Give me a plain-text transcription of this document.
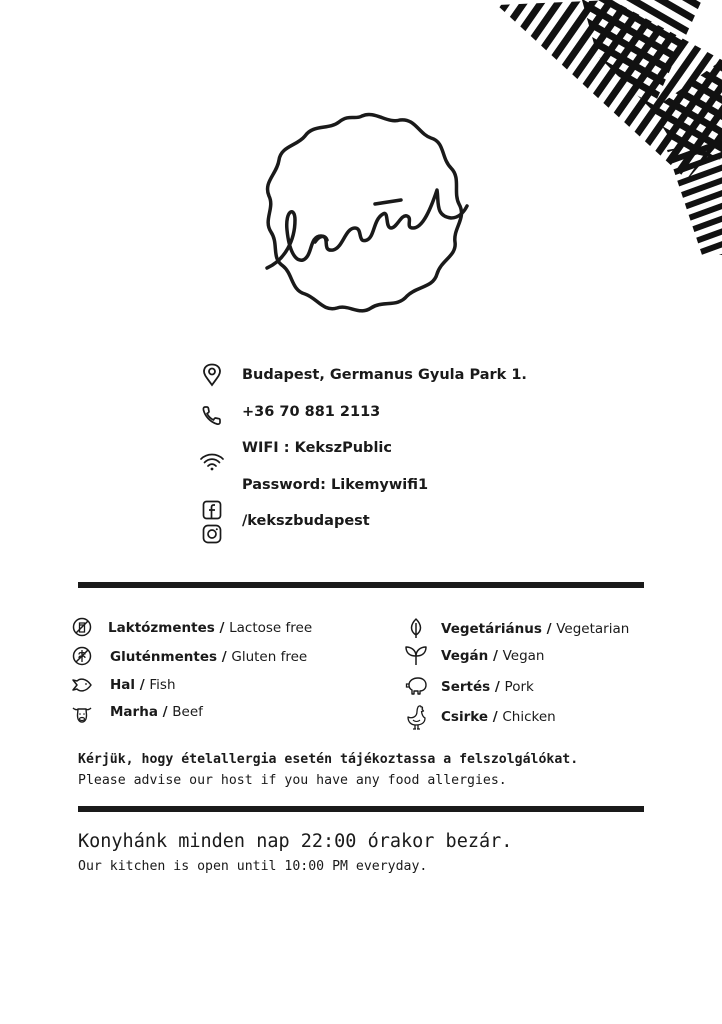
Budapest, Germanus Gyula Park 1.
+36 70 881 2113
WIFI : KekszPublic
Password: Likemywifi1
/kekszbudapest
Laktózmentes / Lactose free
Gluténmentes / Gluten free
Hal / Fish
Marha / Beef
Vegetáriánus / Vegetarian
Vegán / Vegan
Sertés / Pork
Csirke / Chicken
Kérjük, hogy ételallergia esetén tájékoztassa a felszolgálókat.
Please advise our host if you have any food allergies.
Konyhánk minden nap 22:00 órakor bezár.
Our kitchen is open until 10:00 PM everyday.
